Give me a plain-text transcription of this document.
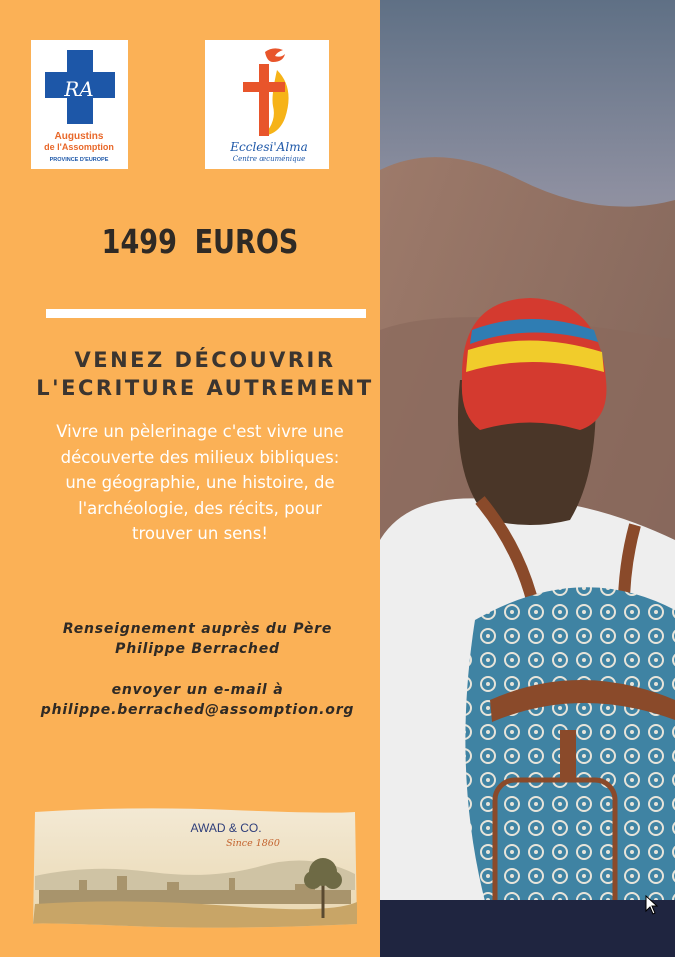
RA
Augustins
de l'Assomption
PROVINCE D'EUROPE
Ecclesi'Alma
Centre œcuménique
1499 EUROS
VENEZ DÉCOUVRIR
L'ECRITURE AUTREMENT
Vivre un pèlerinage c'est vivre une
découverte des milieux bibliques:
une géographie, une histoire, de
l'archéologie, des récits, pour
trouver un sens!
Renseignement auprès du Père
Philippe Berrached
envoyer un e-mail à
philippe.berrached@assomption.org
AWAD & CO.
Since 1860
